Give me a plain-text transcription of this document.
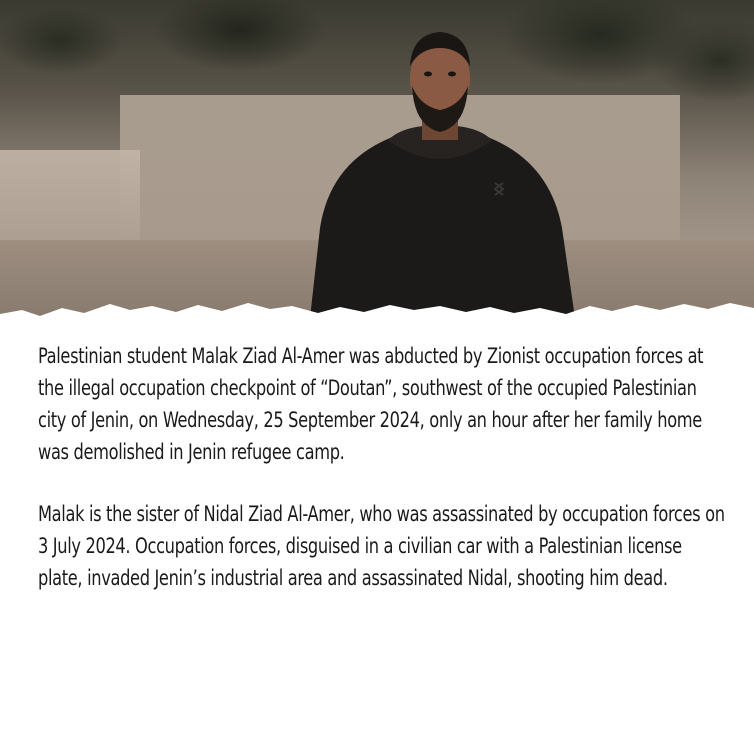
Palestinian student Malak Ziad Al-Amer was abducted by Zionist occupation forces at the illegal occupation checkpoint of “Doutan”, southwest of the occupied Palestinian city of Jenin, on Wednesday, 25 September 2024, only an hour after her family home was demolished in Jenin refugee camp.

Malak is the sister of Nidal Ziad Al-Amer, who was assassinated by occupation forces on 3 July 2024. Occupation forces, disguised in a civilian car with a Palestinian license plate, invaded Jenin’s industrial area and assassinated Nidal, shooting him dead.
